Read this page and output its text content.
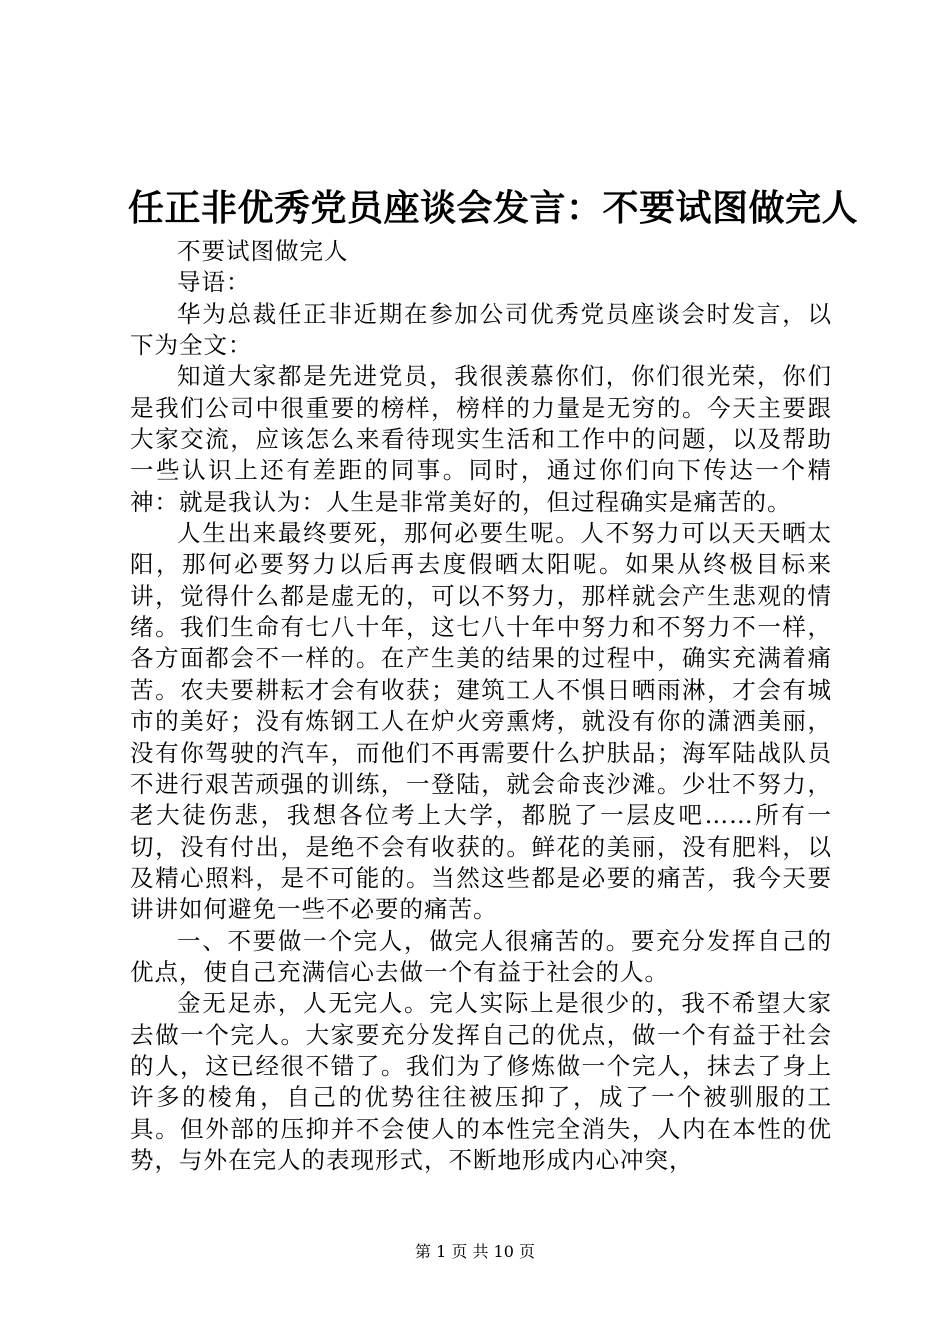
任正非优秀党员座谈会发言：不要试图做完人

不要试图做完人

导语：

华为总裁任正非近期在参加公司优秀党员座谈会时发言，以下为全文：

知道大家都是先进党员，我很羡慕你们，你们很光荣，你们是我们公司中很重要的榜样，榜样的力量是无穷的。今天主要跟大家交流，应该怎么来看待现实生活和工作中的问题，以及帮助一些认识上还有差距的同事。同时，通过你们向下传达一个精神：就是我认为：人生是非常美好的，但过程确实是痛苦的。

人生出来最终要死，那何必要生呢。人不努力可以天天晒太阳，那何必要努力以后再去度假晒太阳呢。如果从终极目标来讲，觉得什么都是虚无的，可以不努力，那样就会产生悲观的情绪。我们生命有七八十年，这七八十年中努力和不努力不一样，各方面都会不一样的。在产生美的结果的过程中，确实充满着痛苦。农夫要耕耘才会有收获；建筑工人不惧日晒雨淋，才会有城市的美好；没有炼钢工人在炉火旁熏烤，就没有你的潇洒美丽，没有你驾驶的汽车，而他们不再需要什么护肤品；海军陆战队员不进行艰苦顽强的训练，一登陆，就会命丧沙滩。少壮不努力，老大徒伤悲，我想各位考上大学，都脱了一层皮吧……所有一切，没有付出，是绝不会有收获的。鲜花的美丽，没有肥料，以及精心照料，是不可能的。当然这些都是必要的痛苦，我今天要讲讲如何避免一些不必要的痛苦。

一、不要做一个完人，做完人很痛苦的。要充分发挥自己的优点，使自己充满信心去做一个有益于社会的人。

金无足赤，人无完人。完人实际上是很少的，我不希望大家去做一个完人。大家要充分发挥自己的优点，做一个有益于社会的人，这已经很不错了。我们为了修炼做一个完人，抹去了身上许多的棱角，自己的优势往往被压抑了，成了一个被驯服的工具。但外部的压抑并不会使人的本性完全消失，人内在本性的优势，与外在完人的表现形式，不断地形成内心冲突，

第 1 页 共 10 页
